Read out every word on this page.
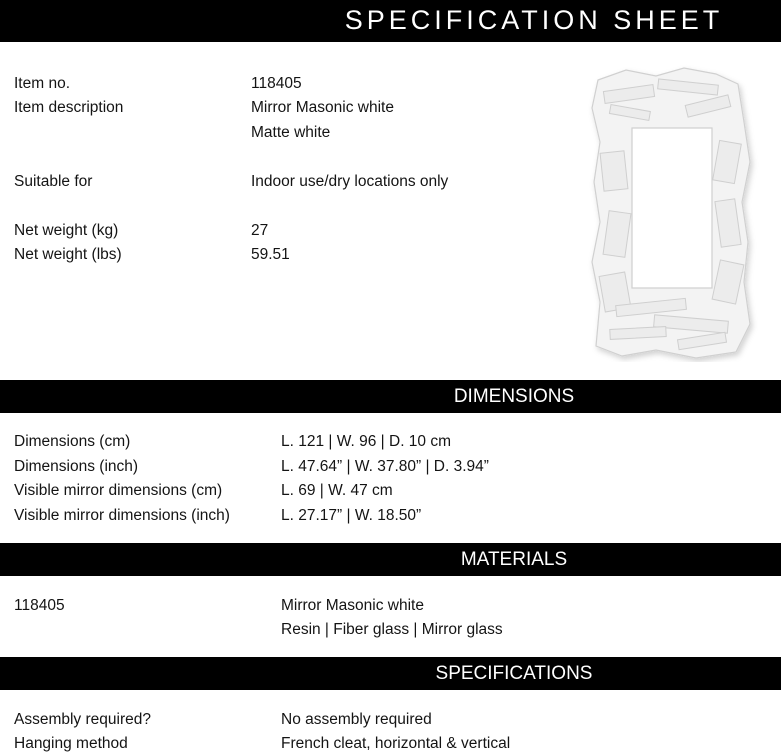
SPECIFICATION SHEET
Item no.	118405
Item description	Mirror Masonic white
Matte white
Suitable for	Indoor use/dry locations only
Net weight (kg)	27
Net weight (lbs)	59.51
DIMENSIONS
Dimensions (cm)	L. 121 | W. 96 | D. 10 cm
Dimensions (inch)	L. 47.64” | W. 37.80” | D. 3.94”
Visible mirror dimensions (cm)	L. 69 | W. 47 cm
Visible mirror dimensions (inch)	L. 27.17” | W. 18.50”
MATERIALS
118405	Mirror Masonic white
Resin | Fiber glass | Mirror glass
SPECIFICATIONS
Assembly required?	No assembly required
Hanging method	French cleat, horizontal & vertical
